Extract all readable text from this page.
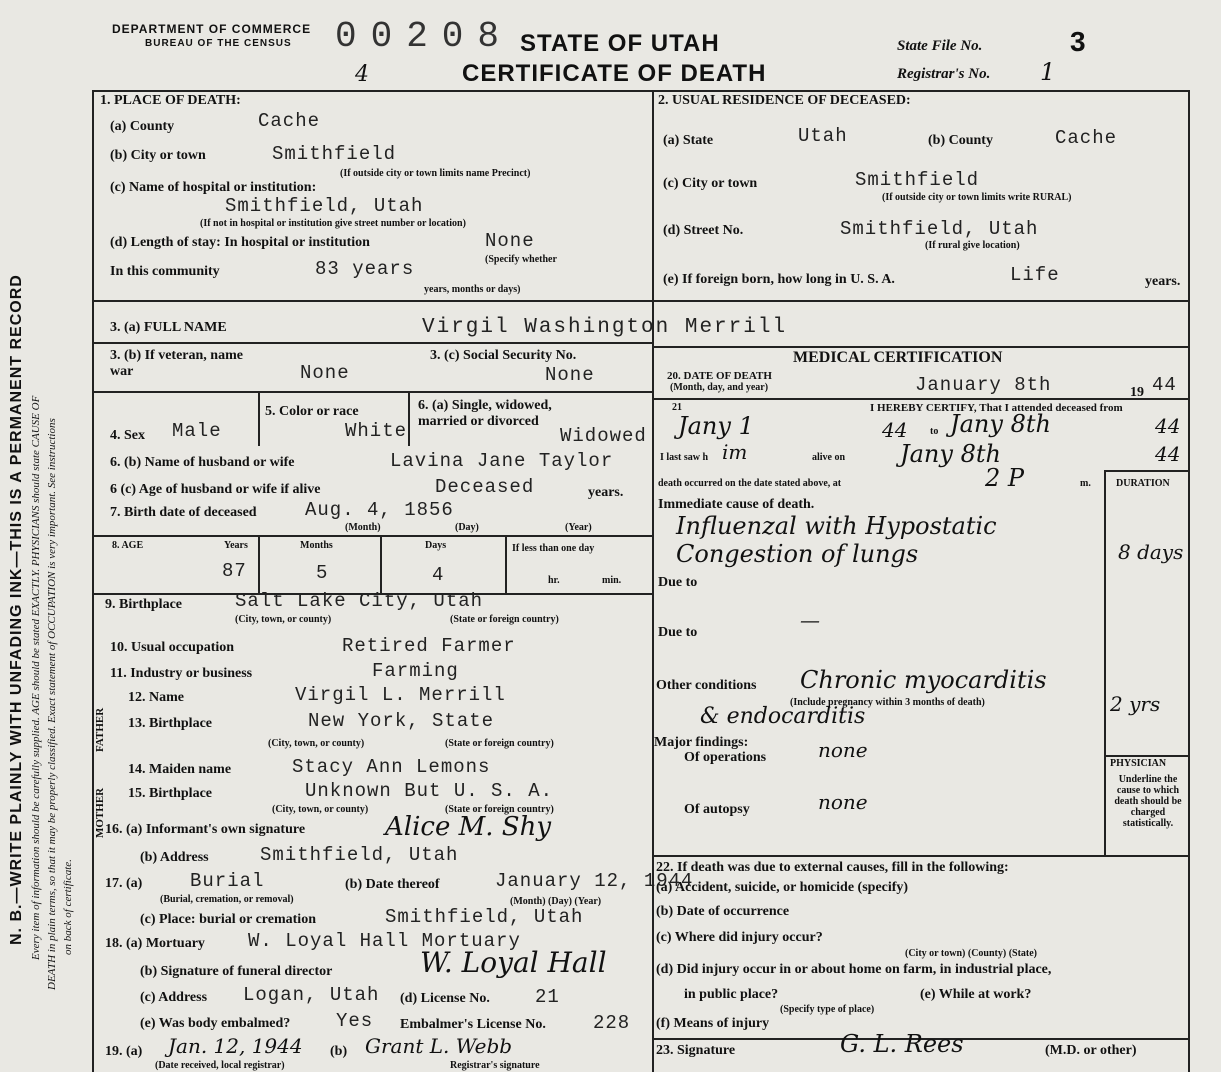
N. B.—WRITE PLAINLY WITH UNFADING INK—THIS IS A PERMANENT RECORD Every item of information should be carefully supplied. AGE should be stated EXACTLY. PHYSICIANS should state CAUSE OF DEATH in plain terms, so that it may be properly classified. Exact statement of OCCUPATION is very important. See instructions on back of certificate.
DEPARTMENT OF COMMERCE
BUREAU OF THE CENSUS 00208
4
STATE OF UTAH
CERTIFICATE OF DEATH
State File No.	3
Registrar's No. 1
1. PLACE OF DEATH:
(a) County	Cache
(b) City or town	Smithfield
(If outside city or town limits name Precinct)
(c) Name of hospital or institution:
Smithfield, Utah
(If not in hospital or institution give street number or location)
(d) Length of stay: In hospital or institution	None
(Specify whether
In this community	83 years
years, months or days)
2. USUAL RESIDENCE OF DECEASED:
(a) State	Utah	(b) County	Cache
(c) City or town	Smithfield
(If outside city or town limits write RURAL)
(d) Street No.	Smithfield, Utah
(If rural give location)
(e) If foreign born, how long in U. S. A.	Life	years.
3. (a) FULL NAME	Virgil Washington Merrill
3. (b) If veteran, name war	None
3. (c) Social Security No.
None
4. Sex Male
5. Color or race
White
6. (a) Single, widowed, married or divorced
Widowed
6. (b) Name of husband or wife	Lavina Jane Taylor
6 (c) Age of husband or wife if alive	Deceased	years.
7. Birth date of deceased	Aug. 4, 1856
(Month)	(Day)	(Year)
8. AGE	Years	Months	Days	If less than one day
hr.	min.
87	5	4
9. Birthplace	Salt Lake City, Utah
(City, town, or county)	(State or foreign country)
10. Usual occupation	Retired Farmer
11. Industry or business	Farming
FATHER
MOTHER
12. Name	Virgil L. Merrill
13. Birthplace	New York, State
(City, town, or county)	(State or foreign country)
14. Maiden name	Stacy Ann Lemons
15. Birthplace	Unknown But U. S. A.
(City, town, or county)	(State or foreign country)
16. (a) Informant's own signature	Alice M. Shy
(b) Address	Smithfield, Utah
17. (a)	Burial
(Burial, cremation, or removal)
(b) Date thereof	January 12, 1944
(Month) (Day) (Year)
(c) Place: burial or cremation	Smithfield, Utah
18. (a) Mortuary W. Loyal Hall Mortuary
(b) Signature of funeral director	W. Loyal Hall
(c) Address Logan, Utah (d) License No. 21
(e) Was body embalmed? Yes Embalmer's License No. 228
19. (a) Jan. 12, 1944
(Date received, local registrar)
(b) Grant L. Webb
Registrar's signature
MEDICAL CERTIFICATION
20. DATE OF DEATH
(Month, day, and year)	January 8th	19 44
21	I HEREBY CERTIFY, That I attended deceased from
Jany 1	44 to Jany 8th	44
I last saw h im	alive on Jany 8th	44
death occurred on the date stated above, at	2 P	m.	DURATION
Immediate cause of death.
Influenzal with Hypostatic
Congestion of lungs	8 days
Due to
Due to
—
Other conditions Chronic myocarditis
(Include pregnancy within 3 months of death)
& endocarditis	2 yrs
Major findings:
Of operations	none
Of autopsy	none
PHYSICIAN
Underline the cause to which death should be charged statistically.
22. If death was due to external causes, fill in the following:
(a) Accident, suicide, or homicide (specify)
(b) Date of occurrence
(c) Where did injury occur?
(City or town) (County) (State)
(d) Did injury occur in or about home on farm, in industrial place,
in public place?
(Specify type of place)
(e) While at work?
(f) Means of injury
23. Signature	G. L. Rees	(M.D. or other)
